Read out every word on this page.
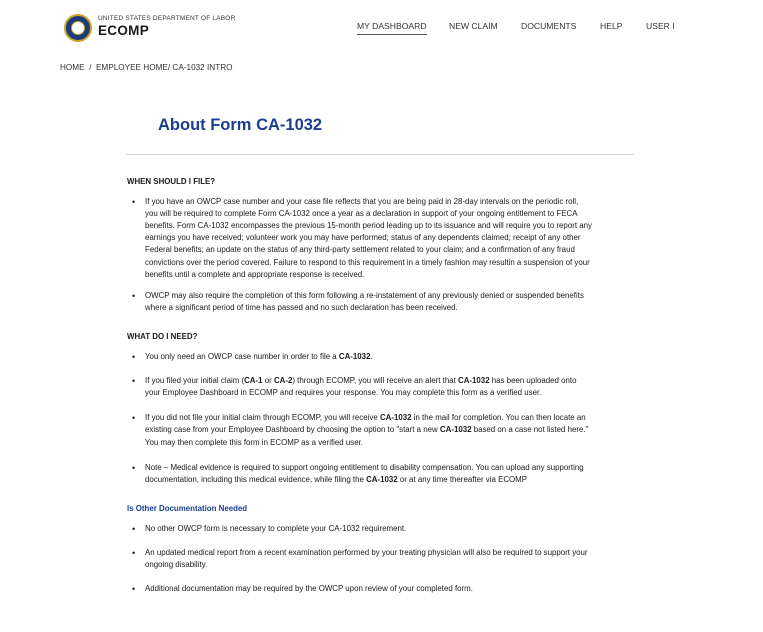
UNITED STATES DEPARTMENT OF LABOR
ECOMP	MY DASHBOARD	NEW CLAIM	DOCUMENTS	HELP	USER I
HOME / EMPLOYEE HOME/ CA-1032 INTRO
About Form CA-1032
WHEN SHOULD I FILE?
• If you have an OWCP case number and your case file reflects that you are being paid in 28-day intervals on the periodic roll, you will be required to complete Form CA-1032 once a year as a declaration in support of your ongoing entitlement to FECA benefits. Form CA-1032 encompasses the previous 15-month period leading up to its issuance and will require you to report any earnings you have received; volunteer work you may have performed; status of any dependents claimed; receipt of any other Federal benefits; an update on the status of any third-party settlement related to your claim; and a confirmation of any fraud convictions over the period covered. Failure to respond to this requirement in a timely fashion may resultin a suspension of your benefits until a complete and appropriate response is received.
• OWCP may also require the completion of this form following a re-instatement of any previously denied or suspended benefits where a significant period of time has passed and no such declaration has been received.
WHAT DO I NEED?
• You only need an OWCP case number in order to file a CA-1032.
• If you filed your initial claim (CA-1 or CA-2) through ECOMP, you will receive an alert that CA-1032 has been uploaded onto your Employee Dashboard in ECOMP and requires your response. You may complete this form as a verified user.
• If you did not file your initial claim through ECOMP, you will receive CA-1032 in the mail for completion. You can then locate an existing case from your Employee Dashboard by choosing the option to "start a new CA-1032 based on a case not listed here." You may then complete this form in ECOMP as a verified user.
• Note – Medical evidence is required to support ongoing entitlement to disability compensation. You can upload any supporting documentation, including this medical evidence, while filing the CA-1032 or at any time thereafter via ECOMP
Is Other Documentation Needed
• No other OWCP form is necessary to complete your CA-1032 requirement.
• An updated medical report from a recent examination performed by your treating physician will also be required to support your ongoing disability.
• Additional documentation may be required by the OWCP upon review of your completed form.
